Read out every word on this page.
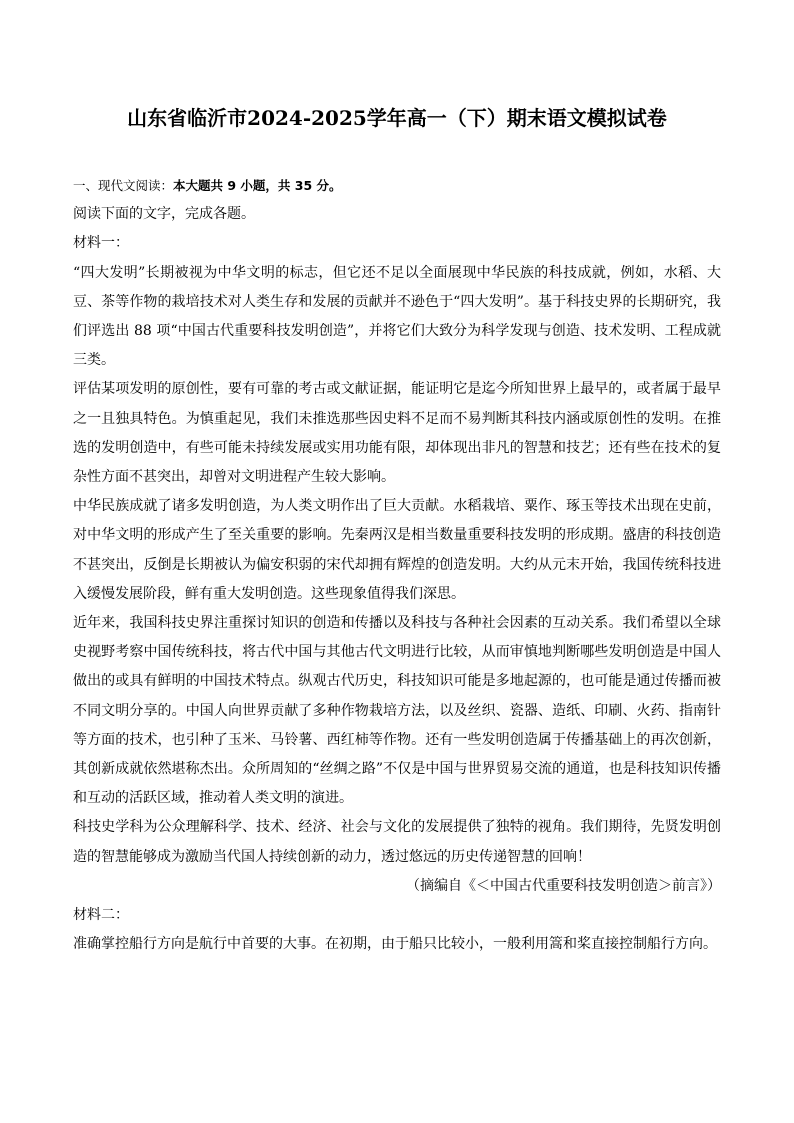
山东省临沂市2024-2025学年高一（下）期末语文模拟试卷

一、现代文阅读：本大题共 9 小题，共 35 分。

阅读下面的文字，完成各题。

材料一：

“四大发明”长期被视为中华文明的标志，但它还不足以全面展现中华民族的科技成就，例如，水稻、大豆、茶等作物的栽培技术对人类生存和发展的贡献并不逊色于“四大发明”。基于科技史界的长期研究，我们评选出 88 项“中国古代重要科技发明创造”，并将它们大致分为科学发现与创造、技术发明、工程成就三类。

评估某项发明的原创性，要有可靠的考古或文献证据，能证明它是迄今所知世界上最早的，或者属于最早之一且独具特色。为慎重起见，我们未推选那些因史料不足而不易判断其科技内涵或原创性的发明。在推选的发明创造中，有些可能未持续发展或实用功能有限，却体现出非凡的智慧和技艺；还有些在技术的复杂性方面不甚突出，却曾对文明进程产生较大影响。

中华民族成就了诸多发明创造，为人类文明作出了巨大贡献。水稻栽培、粟作、琢玉等技术出现在史前，对中华文明的形成产生了至关重要的影响。先秦两汉是相当数量重要科技发明的形成期。盛唐的科技创造不甚突出，反倒是长期被认为偏安积弱的宋代却拥有辉煌的创造发明。大约从元末开始，我国传统科技进入缓慢发展阶段，鲜有重大发明创造。这些现象值得我们深思。

近年来，我国科技史界注重探讨知识的创造和传播以及科技与各种社会因素的互动关系。我们希望以全球史视野考察中国传统科技，将古代中国与其他古代文明进行比较，从而审慎地判断哪些发明创造是中国人做出的或具有鲜明的中国技术特点。纵观古代历史，科技知识可能是多地起源的，也可能是通过传播而被不同文明分享的。中国人向世界贡献了多种作物栽培方法，以及丝织、瓷器、造纸、印刷、火药、指南针等方面的技术，也引种了玉米、马铃薯、西红柿等作物。还有一些发明创造属于传播基础上的再次创新，其创新成就依然堪称杰出。众所周知的“丝绸之路”不仅是中国与世界贸易交流的通道，也是科技知识传播和互动的活跃区域，推动着人类文明的演进。

科技史学科为公众理解科学、技术、经济、社会与文化的发展提供了独特的视角。我们期待，先贤发明创造的智慧能够成为激励当代国人持续创新的动力，透过悠远的历史传递智慧的回响！

（摘编自《＜中国古代重要科技发明创造＞前言》）

材料二：

准确掌控船行方向是航行中首要的大事。在初期，由于船只比较小，一般利用篙和桨直接控制船行方向。
